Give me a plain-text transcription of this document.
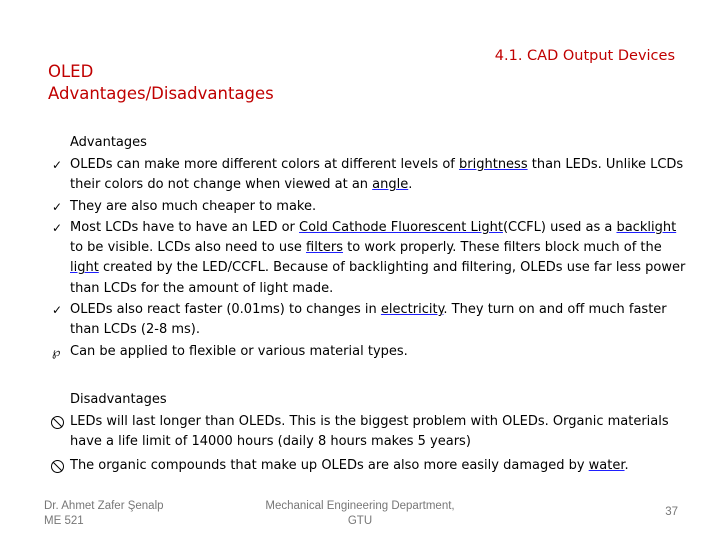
4.1. CAD Output Devices
OLED
Advantages/Disadvantages
Advantages
✓ OLEDs can make more different colors at different levels of brightness than LEDs. Unlike LCDs their colors do not change when viewed at an angle.
✓ They are also much cheaper to make.
✓ Most LCDs have to have an LED or Cold Cathode Fluorescent Light(CCFL) used as a backlight to be visible. LCDs also need to use filters to work properly. These filters block much of the light created by the LED/CCFL. Because of backlighting and filtering, OLEDs use far less power than LCDs for the amount of light made.
✓ OLEDs also react faster (0.01ms) to changes in electricity. They turn on and off much faster than LCDs (2-8 ms).
℘ Can be applied to flexible or various material types.
Disadvantages
LEDs will last longer than OLEDs. This is the biggest problem with OLEDs. Organic materials have a life limit of 14000 hours (daily 8 hours makes 5 years)
The organic compounds that make up OLEDs are also more easily damaged by water.
Dr. Ahmet Zafer Şenalp
ME 521
Mechanical Engineering Department,
GTU
37
